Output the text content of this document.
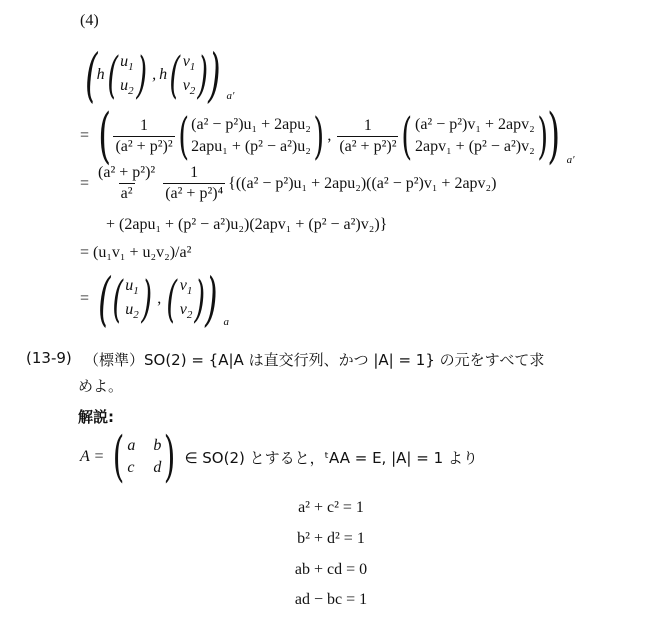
(4)
( h ( $u_1$
$u_2$ ) , h ( $v_1$
$v_2$ ) ) a′
= ( $\frac{1}{\text{(a² + p²)²}}$ ( (a² − p²)u₁ + 2apu₂
2apu₁ + (p² − a²)u₂ ) , $\frac{1}{\text{(a² + p²)²}}$ ( (a² − p²)v₁ + 2apv₂
2apv₁ + (p² − a²)v₂ ) ) a′
= $\frac{\text{(a² + p²)²}}{\text{a²}} \frac{1}{\text{(a² + p²)⁴}} \{((a^2 - p^2)u_1 + 2apu_2)((a^2 - p^2)v_1 + 2apv_2)$
+ (2apu₁ + (p² − a²)u₂)(2apv₁ + (p² − a²)v₂)}
= (u₁v₁ + u₂v₂)/a²
= ( ( $u_1$
$u_2$ ) , ( $v_1$
$v_2$ ) ) a
(13-9) （標準）SO(2) = {A|A は直交行列、かつ |A| = 1} の元をすべて求
めよ。
解説:
A = ( a b
c d ) ∈ SO(2) とすると，ᵗAA = E, |A| = 1 より
a² + c² = 1
b² + d² = 1
ab + cd = 0
ad − bc = 1
